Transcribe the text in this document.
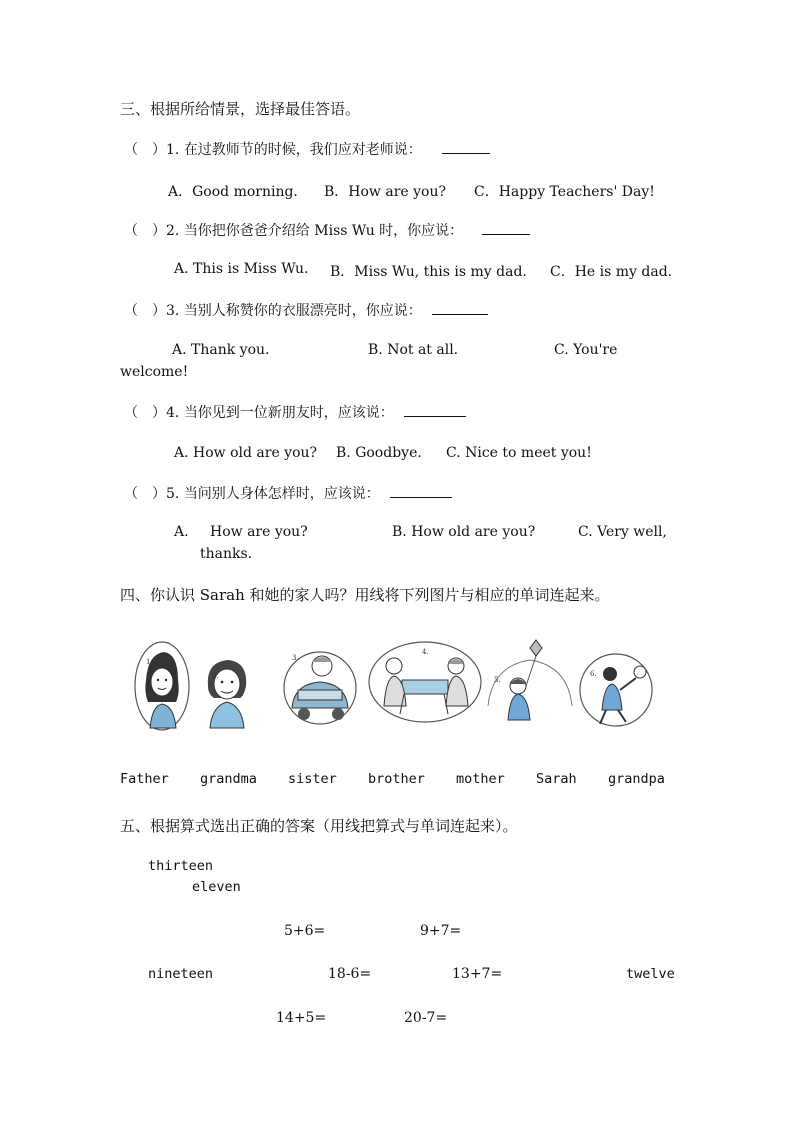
三、根据所给情景，选择最佳答语。
（　）1. 在过教师节的时候，我们应对老师说：
A．Good morning. B．How are you? C．Happy Teachers' Day!
（　）2. 当你把你爸爸介绍给 Miss Wu 时，你应说：
A. This is Miss Wu. B．Miss Wu, this is my dad. C．He is my dad.
（　）3. 当别人称赞你的衣服漂亮时，你应说：
A. Thank you.	B. Not at all.	C. You're
welcome!
（　）4. 当你见到一位新朋友时，应该说：
A. How old are you? B. Goodbye. C. Nice to meet you!
（　）5. 当问别人身体怎样时，应该说：
A. How are you?	B. How old are you?	C. Very well,
thanks.
四、你认识 Sarah 和她的家人吗？用线将下列图片与相应的单词连起来。
1.
2.
3.
4.
5.
6.
Father grandma sister brother mother Sarah grandpa
五、根据算式选出正确的答案（用线把算式与单词连起来）。
thirteen
eleven
5+6=	9+7=
nineteen	18-6=	13+7=	twelve
14+5=	20-7=
